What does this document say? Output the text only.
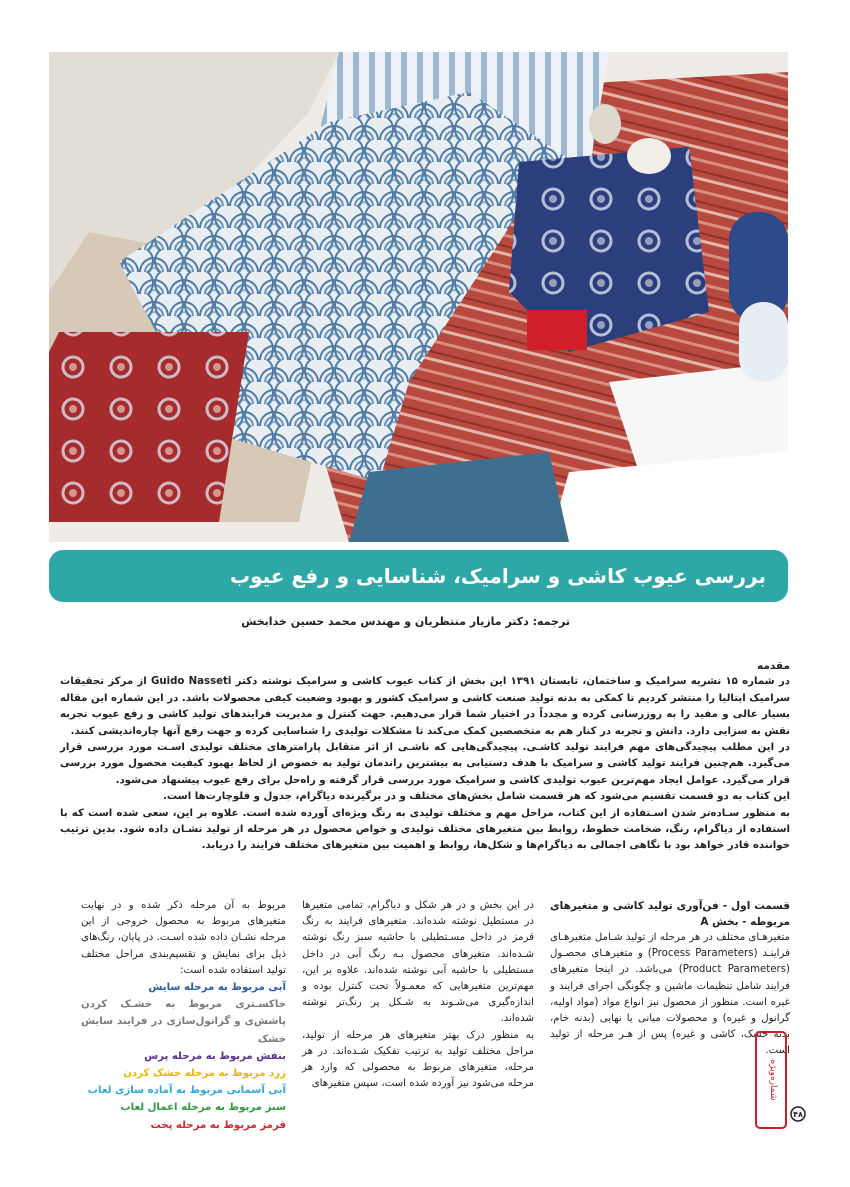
بررسی عیوب کاشی و سرامیک، شناسایی و رفع عیوب
ترجمه: دکتر مازیار منتظریان و مهندس محمد حسین خدابخش
مقدمه

در شماره ۱۵ نشریه سرامیک و ساختمان، تابستان ۱۳۹۱ این بخش از کتاب عیوب کاشی و سرامیک نوشته دکتر Guido Nasseti از مرکز تحقیقات سرامیک ایتالیا را منتشر کردیم تا کمکی به بدنه تولید صنعت کاشی و سرامیک کشور و بهبود وضعیت کیفی محصولات باشد. در این شماره این مقاله بسیار عالی و مفید را به روزرسانی کرده و مجدداً در اختیار شما قرار می‌دهیم. جهت کنترل و مدیریت فرایندهای تولید کاشی و رفع عیوب تجربه نقش به سزایی دارد. دانش و تجربه در کنار هم به متخصصین کمک می‌کند تا مشکلات تولیدی را شناسایی کرده و جهت رفع آنها چاره‌اندیشی کنند.

در این مطلب پیچیدگی‌های مهم فرایند تولید کاشـی. پیچیدگی‌هایی که ناشـی از اثر متقابل پارامترهای مختلف تولیدی اسـت مورد بررسی قرار می‌گیرد. هم‌چنین فرایند تولید کاشی و سرامیک با هدف دستیابی به بیشترین راندمان تولید به خصوص از لحاظ بهبود کیفیت محصول مورد بررسی قرار می‌گیرد. عوامل ایجاد مهم‌ترین عیوب تولیدی کاشی و سرامیک مورد بررسی قرار گرفته و راه‌حل برای رفع عیوب پیشنهاد می‌شود.

این کتاب به دو قسمت تقسیم می‌شود که هر قسمت شامل بخش‌های مختلف و در برگیرنده دیاگرام، جدول و فلوچارت‌ها است.

به منظور سـاده‌تر شدن اسـتفاده از این کتاب، مراحل مهم و مختلف تولیدی به رنگ ویژه‌ای آورده شده است. علاوه بر این، سعی شده است که با استفاده از دیاگرام، رنگ، ضخامت خطوط، روابط بین متغیرهای مختلف تولیدی و خواص محصول در هر مرحله از تولید نشـان داده شود. بدین ترتیب خواننده قادر خواهد بود با نگاهی اجمالی به دیاگرام‌ها و شکل‌ها، روابط و اهمیت بین متغیرهای مختلف فرایند را دریابد.

قسمت اول - فن‌آوری تولید کاشی و متغیرهای مربوطه - بخش A

متغیرهـای مختلف در هر مرحله از تولید شـامل متغیرهـای فراینـد (Process Parameters) و متغیرهـای محصـول (Product Parameters) می‌باشد. در اینجا متغیرهای فرایند شامل تنظیمات ماشین و چگونگی اجرای فرایند و غیره است. منظور از محصول نیز انواع مواد (مواد اولیه، گرانول و غیره) و محصولات میانی یا نهایی (بدنه خام، بدنه خشک، کاشی و غیره) پس از هـر مرحله از تولید است.

در این بخش و در هر شکل و دیاگرام، تمامی متغیرها در مستطیل نوشته شده‌اند. متغیرهای فرایند به رنگ قرمز در داخل مسـتطیلی با حاشیه سبز رنگ نوشته شـده‌اند. متغیرهای محصول بـه رنگ آبی در داخل مستطیلی با حاشیه آبی نوشته شده‌اند. علاوه بر این، مهم‌ترین متغیرهایی که معمـولاً تحت کنترل بوده و اندازه‌گیری می‌شـوند به شـکل پر رنگ‌تر نوشته شده‌اند.

به منظور درک بهتر متغیرهای هر مرحله از تولید، مراحل مختلف تولید به ترتیب تفکیک شـده‌اند. در هر مرحله، متغیرهای مربوط به محصولی که وارد هر مرحله می‌شود نیز آورده شده است، سپس متغیرهای

مربوط به آن مرحله ذکر شده و در نهایت متغیرهای مربوط به محصول خروجی از این مرحله نشـان داده شده اسـت. در پایان، رنگ‌های ذیل برای نمایش و تقسیم‌بندی مراحل مختلف تولید استفاده شده است:

آبی مربوط به مرحله سایش
خاکسـتری مربوط به خشـک کردن پاشش‌ی و گرانول‌سازی در فرایند سایش خشک
بنفش مربوط به مرحله پرس
زرد مربوط به مرحله خشک کردن
آبی آسمانی مربوط به آماده سازی لعاب
سبز مربوط به مرحله اعمال لعاب
قرمز مربوط به مرحله پخت
شماره‌ویژه
۴۸
